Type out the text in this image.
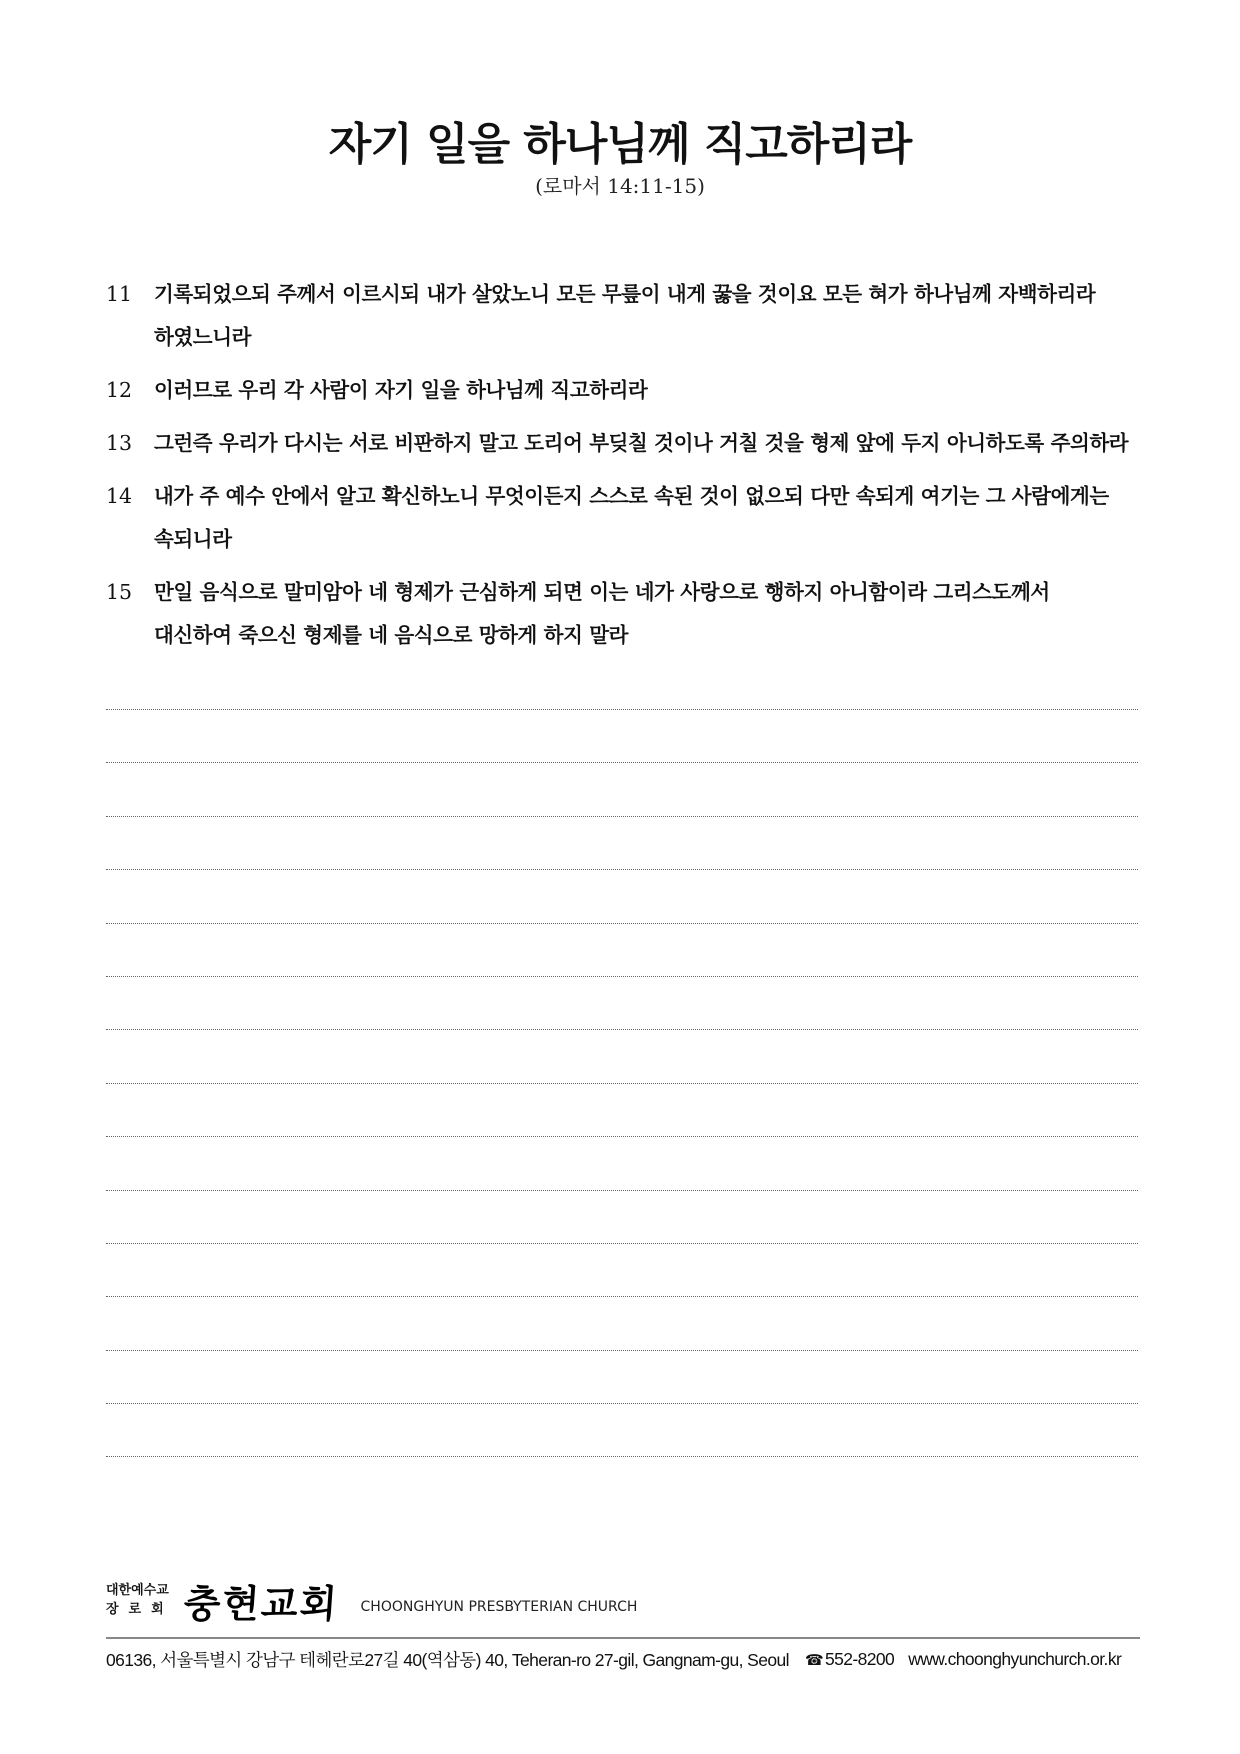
자기 일을 하나님께 직고하리라
(로마서 14:11-15)
11	기록되었으되 주께서 이르시되 내가 살았노니 모든 무릎이 내게 꿇을 것이요 모든 혀가 하나님께 자백하리라
하였느니라
12	이러므로 우리 각 사람이 자기 일을 하나님께 직고하리라
13	그런즉 우리가 다시는 서로 비판하지 말고 도리어 부딪칠 것이나 거칠 것을 형제 앞에 두지 아니하도록 주의하라
14	내가 주 예수 안에서 알고 확신하노니 무엇이든지 스스로 속된 것이 없으되 다만 속되게 여기는 그 사람에게는
속되니라
15	만일 음식으로 말미암아 네 형제가 근심하게 되면 이는 네가 사랑으로 행하지 아니함이라 그리스도께서
대신하여 죽으신 형제를 네 음식으로 망하게 하지 말라
대한예수교
장로회 충현교회 CHOONGHYUN PRESBYTERIAN CHURCH
06136, 서울특별시 강남구 테헤란로27길 40(역삼동) 40, Teheran-ro 27-gil, Gangnam-gu, Seoul ☎ 552-8200 www.choonghyunchurch.or.kr
